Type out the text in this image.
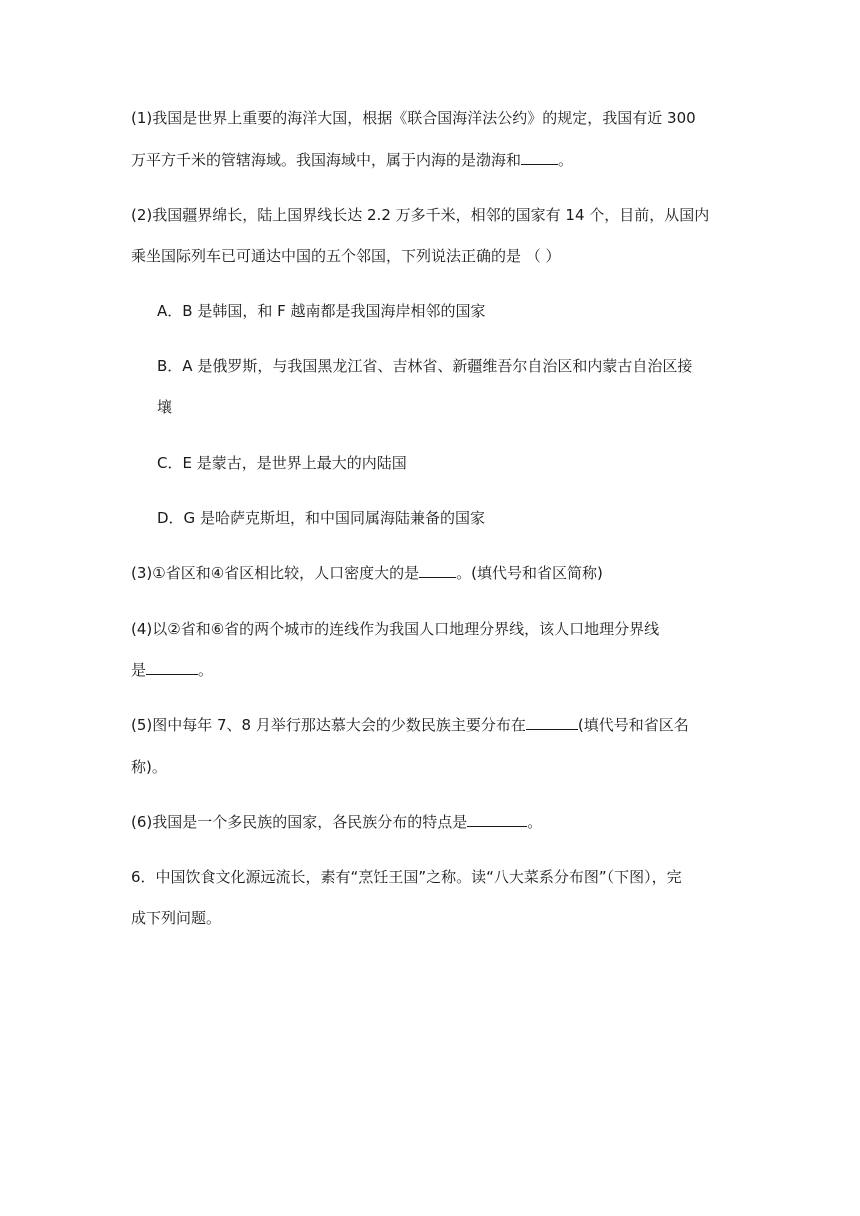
(1)我国是世界上重要的海洋大国，根据《联合国海洋法公约》的规定，我国有近 300
万平方千米的管辖海域。我国海域中，属于内海的是渤海和 。
(2)我国疆界绵长，陆上国界线长达 2.2 万多千米，相邻的国家有 14 个，目前，从国内
乘坐国际列车已可通达中国的五个邻国，下列说法正确的是 （ ）
A．B 是韩国，和 F 越南都是我国海岸相邻的国家
B．A 是俄罗斯，与我国黑龙江省、吉林省、新疆维吾尔自治区和内蒙古自治区接
壤
C．E 是蒙古，是世界上最大的内陆国
D．G 是哈萨克斯坦，和中国同属海陆兼备的国家
(3)①省区和④省区相比较，人口密度大的是 。(填代号和省区简称)
(4)以②省和⑥省的两个城市的连线作为我国人口地理分界线，该人口地理分界线
是	。
(5)图中每年 7、8 月举行那达慕大会的少数民族主要分布在	(填代号和省区名
称)。
(6)我国是一个多民族的国家，各民族分布的特点是	。
6．中国饮食文化源远流长，素有“烹饪王国”之称。读“八大菜系分布图”（下图），完
成下列问题。
